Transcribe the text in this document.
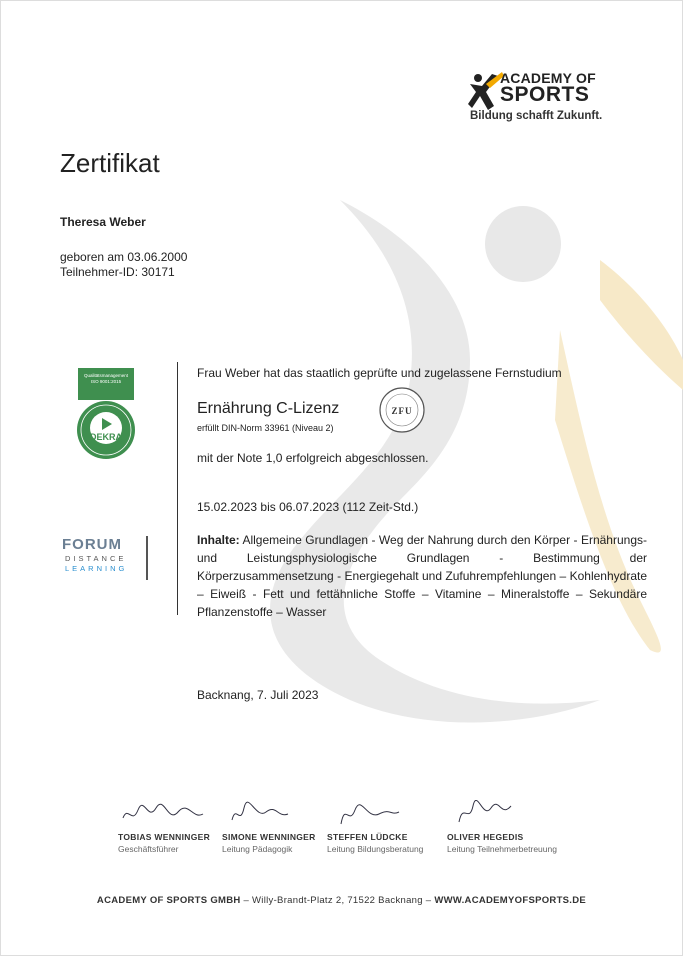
ACADEMY OF
SPORTS
Bildung schafft Zukunft.
Zertifikat
Theresa Weber
geboren am 03.06.2000
Teilnehmer-ID: 30171
Qualitätsmanagement
ISO 9001:2015
DEKRA
FORUM
DISTANCE
LEARNING
Frau Weber hat das staatlich geprüfte und zugelassene Fernstudium
Ernährung C-Lizenz
erfüllt DIN-Norm 33961 (Niveau 2)
ZFU
mit der Note 1,0 erfolgreich abgeschlossen.
15.02.2023 bis 06.07.2023 (112 Zeit-Std.)
Inhalte: Allgemeine Grundlagen - Weg der Nahrung durch den Körper - Ernährungs- und Leistungsphysiologische Grundlagen - Bestimmung der Körperzusammensetzung - Energiegehalt und Zufuhrempfehlungen – Kohlenhydrate – Eiweiß - Fett und fettähnliche Stoffe – Vitamine – Mineralstoffe – Sekundäre Pflanzenstoffe – Wasser
Backnang, 7. Juli 2023
TOBIAS WENNINGER
Geschäftsführer
SIMONE WENNINGER
Leitung Pädagogik
STEFFEN LÜDCKE
Leitung Bildungsberatung
OLIVER HEGEDIS
Leitung Teilnehmerbetreuung
ACADEMY OF SPORTS GMBH – Willy-Brandt-Platz 2, 71522 Backnang – WWW.ACADEMYOFSPORTS.DE
